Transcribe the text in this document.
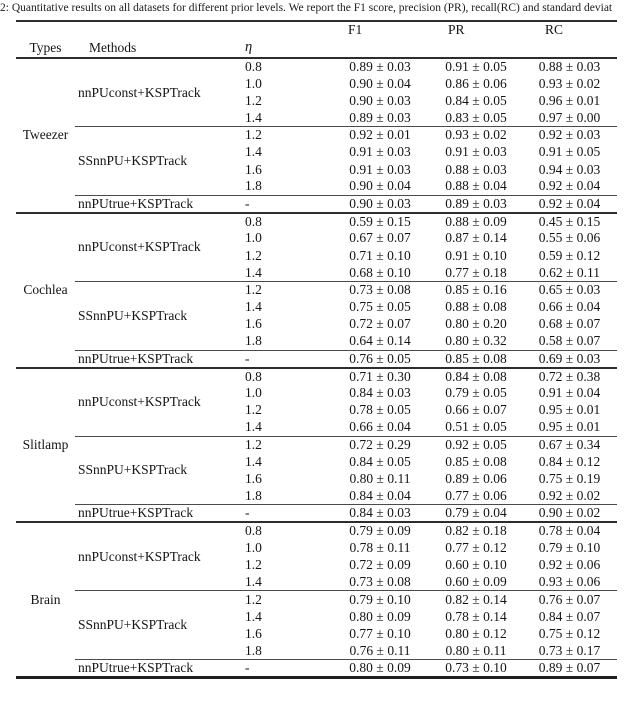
2: Quantitative results on all datasets for different prior levels. We report the F1 score, precision (PR), recall(RC) and standard deviat
			F1	PR	RC
Types	Methods	η			
Tweezer	nnPUconst+KSPTrack	0.8	0.89 ± 0.03	0.91 ± 0.05	0.88 ± 0.03
		1.0	0.90 ± 0.04	0.86 ± 0.06	0.93 ± 0.02
		1.2	0.90 ± 0.03	0.84 ± 0.05	0.96 ± 0.01
		1.4	0.89 ± 0.03	0.83 ± 0.05	0.97 ± 0.00
	SSnnPU+KSPTrack	1.2	0.92 ± 0.01	0.93 ± 0.02	0.92 ± 0.03
		1.4	0.91 ± 0.03	0.91 ± 0.03	0.91 ± 0.05
		1.6	0.91 ± 0.03	0.88 ± 0.03	0.94 ± 0.03
		1.8	0.90 ± 0.04	0.88 ± 0.04	0.92 ± 0.04
	nnPUtrue+KSPTrack	-	0.90 ± 0.03	0.89 ± 0.03	0.92 ± 0.04
Cochlea	nnPUconst+KSPTrack	0.8	0.59 ± 0.15	0.88 ± 0.09	0.45 ± 0.15
		1.0	0.67 ± 0.07	0.87 ± 0.14	0.55 ± 0.06
		1.2	0.71 ± 0.10	0.91 ± 0.10	0.59 ± 0.12
		1.4	0.68 ± 0.10	0.77 ± 0.18	0.62 ± 0.11
	SSnnPU+KSPTrack	1.2	0.73 ± 0.08	0.85 ± 0.16	0.65 ± 0.03
		1.4	0.75 ± 0.05	0.88 ± 0.08	0.66 ± 0.04
		1.6	0.72 ± 0.07	0.80 ± 0.20	0.68 ± 0.07
		1.8	0.64 ± 0.14	0.80 ± 0.32	0.58 ± 0.07
	nnPUtrue+KSPTrack	-	0.76 ± 0.05	0.85 ± 0.08	0.69 ± 0.03
Slitlamp	nnPUconst+KSPTrack	0.8	0.71 ± 0.30	0.84 ± 0.08	0.72 ± 0.38
		1.0	0.84 ± 0.03	0.79 ± 0.05	0.91 ± 0.04
		1.2	0.78 ± 0.05	0.66 ± 0.07	0.95 ± 0.01
		1.4	0.66 ± 0.04	0.51 ± 0.05	0.95 ± 0.01
	SSnnPU+KSPTrack	1.2	0.72 ± 0.29	0.92 ± 0.05	0.67 ± 0.34
		1.4	0.84 ± 0.05	0.85 ± 0.08	0.84 ± 0.12
		1.6	0.80 ± 0.11	0.89 ± 0.06	0.75 ± 0.19
		1.8	0.84 ± 0.04	0.77 ± 0.06	0.92 ± 0.02
	nnPUtrue+KSPTrack	-	0.84 ± 0.03	0.79 ± 0.04	0.90 ± 0.02
Brain	nnPUconst+KSPTrack	0.8	0.79 ± 0.09	0.82 ± 0.18	0.78 ± 0.04
		1.0	0.78 ± 0.11	0.77 ± 0.12	0.79 ± 0.10
		1.2	0.72 ± 0.09	0.60 ± 0.10	0.92 ± 0.06
		1.4	0.73 ± 0.08	0.60 ± 0.09	0.93 ± 0.06
	SSnnPU+KSPTrack	1.2	0.79 ± 0.10	0.82 ± 0.14	0.76 ± 0.07
		1.4	0.80 ± 0.09	0.78 ± 0.14	0.84 ± 0.07
		1.6	0.77 ± 0.10	0.80 ± 0.12	0.75 ± 0.12
		1.8	0.76 ± 0.11	0.80 ± 0.11	0.73 ± 0.17
	nnPUtrue+KSPTrack	-	0.80 ± 0.09	0.73 ± 0.10	0.89 ± 0.07
